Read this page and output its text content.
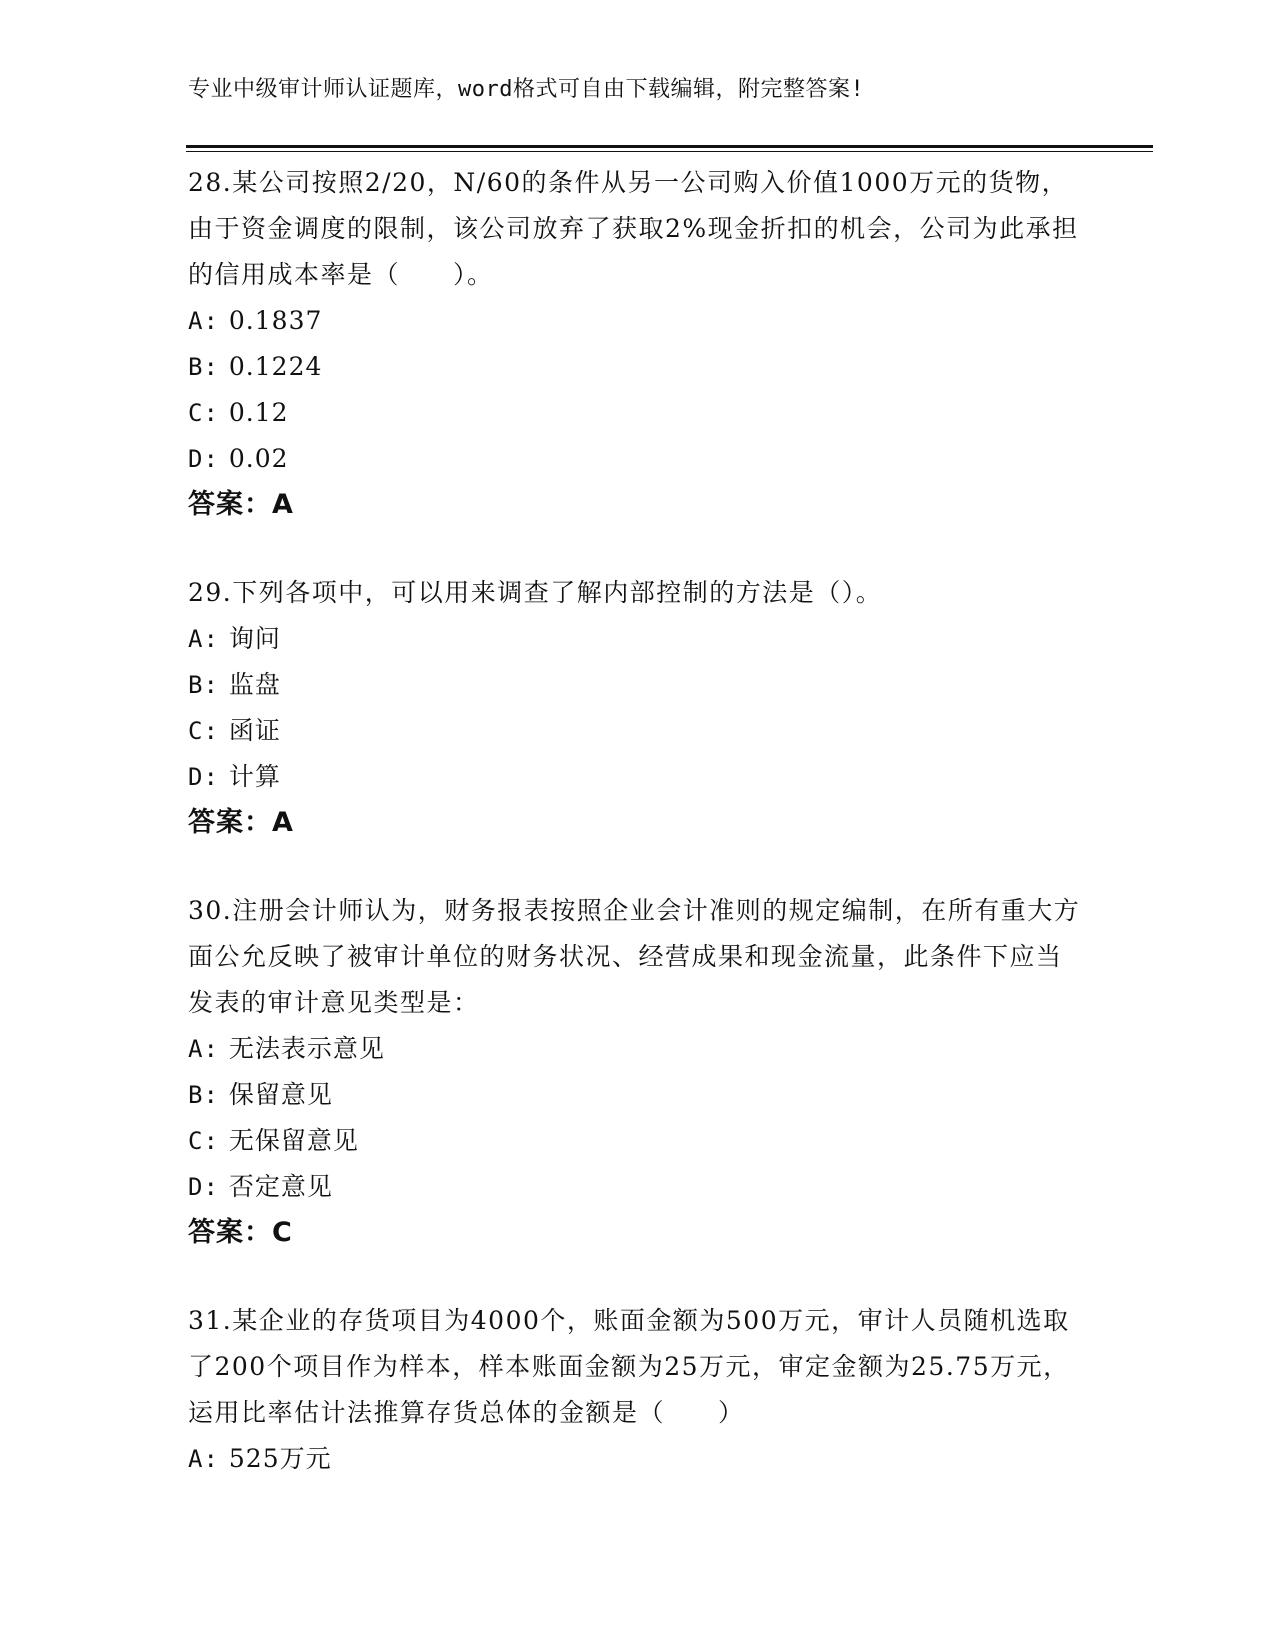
专业中级审计师认证题库，word格式可自由下载编辑，附完整答案!

28.某公司按照2/20，N/60的条件从另一公司购入价值1000万元的货物，由于资金调度的限制，该公司放弃了获取2%现金折扣的机会，公司为此承担的信用成本率是（　　）。

A: 0.1837

B: 0.1224

C: 0.12

D: 0.02

答案：A

29.下列各项中，可以用来调查了解内部控制的方法是（）。

A: 询问

B: 监盘

C: 函证

D: 计算

答案：A

30.注册会计师认为，财务报表按照企业会计准则的规定编制，在所有重大方面公允反映了被审计单位的财务状况、经营成果和现金流量，此条件下应当发表的审计意见类型是：

A: 无法表示意见

B: 保留意见

C: 无保留意见

D: 否定意见

答案：C

31.某企业的存货项目为4000个，账面金额为500万元，审计人员随机选取了200个项目作为样本，样本账面金额为25万元，审定金额为25.75万元，运用比率估计法推算存货总体的金额是（　　）

A: 525万元
